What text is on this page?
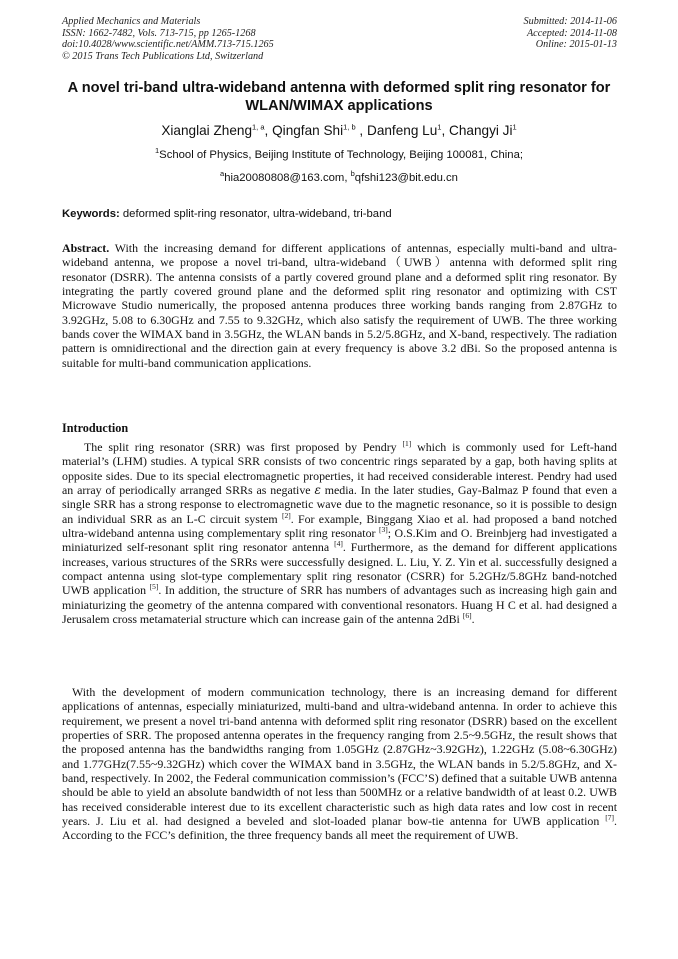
Applied Mechanics and Materials
ISSN: 1662-7482, Vols. 713-715, pp 1265-1268
doi:10.4028/www.scientific.net/AMM.713-715.1265
© 2015 Trans Tech Publications Ltd, Switzerland
Submitted: 2014-11-06
Accepted: 2014-11-08
Online: 2015-01-13
A novel tri-band ultra-wideband antenna with deformed split ring resonator for WLAN/WIMAX applications
Xianglai Zheng$^{1, a}$, Qingfan Shi$^{1, b}$ , Danfeng Lu$^1$, Changyi Ji$^1$
$^1$School of Physics, Beijing Institute of Technology, Beijing 100081, China;
$^a$hia20080808@163.com, $^b$qfshi123@bit.edu.cn
Keywords: deformed split-ring resonator, ultra-wideband, tri-band
Abstract. With the increasing demand for different applications of antennas, especially multi-band and ultra-wideband antenna, we propose a novel tri-band, ultra-wideband（UWB）antenna with deformed split ring resonator (DSRR). The antenna consists of a partly covered ground plane and a deformed split ring resonator. By integrating the partly covered ground plane and the deformed split ring resonator and optimizing with CST Microwave Studio numerically, the proposed antenna produces three working bands ranging from 2.87GHz to 3.92GHz, 5.08 to 6.30GHz and 7.55 to 9.32GHz, which also satisfy the requirement of UWB. The three working bands cover the WIMAX band in 3.5GHz, the WLAN bands in 5.2/5.8GHz, and X-band, respectively. The radiation pattern is omnidirectional and the direction gain at every frequency is above 3.2 dBi. So the proposed antenna is suitable for multi-band communication applications.
Introduction
The split ring resonator (SRR) was first proposed by Pendry [1] which is commonly used for Left-hand material’s (LHM) studies. A typical SRR consists of two concentric rings separated by a gap, both having splits at opposite sides. Due to its special electromagnetic properties, it had received considerable interest. Pendry had used an array of periodically arranged SRRs as negative ε media. In the later studies, Gay-Balmaz P found that even a single SRR has a strong response to electromagnetic wave due to the magnetic resonance, so it is possible to design an individual SRR as an L-C circuit system [2]. For example, Binggang Xiao et al. had proposed a band notched ultra-wideband antenna using complementary split ring resonator [3]; O.S.Kim and O. Breinbjerg had investigated a miniaturized self-resonant split ring resonator antenna [4]. Furthermore, as the demand for different applications increases, various structures of the SRRs were successfully designed. L. Liu, Y. Z. Yin et al. successfully designed a compact antenna using slot-type complementary split ring resonator (CSRR) for 5.2GHz/5.8GHz band-notched UWB application [5]. In addition, the structure of SRR has numbers of advantages such as increasing high gain and miniaturizing the geometry of the antenna compared with conventional resonators. Huang H C et al. had designed a Jerusalem cross metamaterial structure which can increase gain of the antenna 2dBi [6].
With the development of modern communication technology, there is an increasing demand for different applications of antennas, especially miniaturized, multi-band and ultra-wideband antenna. In order to achieve this requirement, we present a novel tri-band antenna with deformed split ring resonator (DSRR) based on the excellent properties of SRR. The proposed antenna operates in the frequency ranging from 2.5~9.5GHz, the result shows that the proposed antenna has the bandwidths ranging from 1.05GHz (2.87GHz~3.92GHz), 1.22GHz (5.08~6.30GHz) and 1.77GHz(7.55~9.32GHz) which cover the WIMAX band in 3.5GHz, the WLAN bands in 5.2/5.8GHz, and X-band, respectively. In 2002, the Federal communication commission’s (FCC’S) defined that a suitable UWB antenna should be able to yield an absolute bandwidth of not less than 500MHz or a relative bandwidth of at least 0.2. UWB has received considerable interest due to its excellent characteristic such as high data rates and low cost in recent years. J. Liu et al. had designed a beveled and slot-loaded planar bow-tie antenna for UWB application [7]. According to the FCC’s definition, the three frequency bands all meet the requirement of UWB.
